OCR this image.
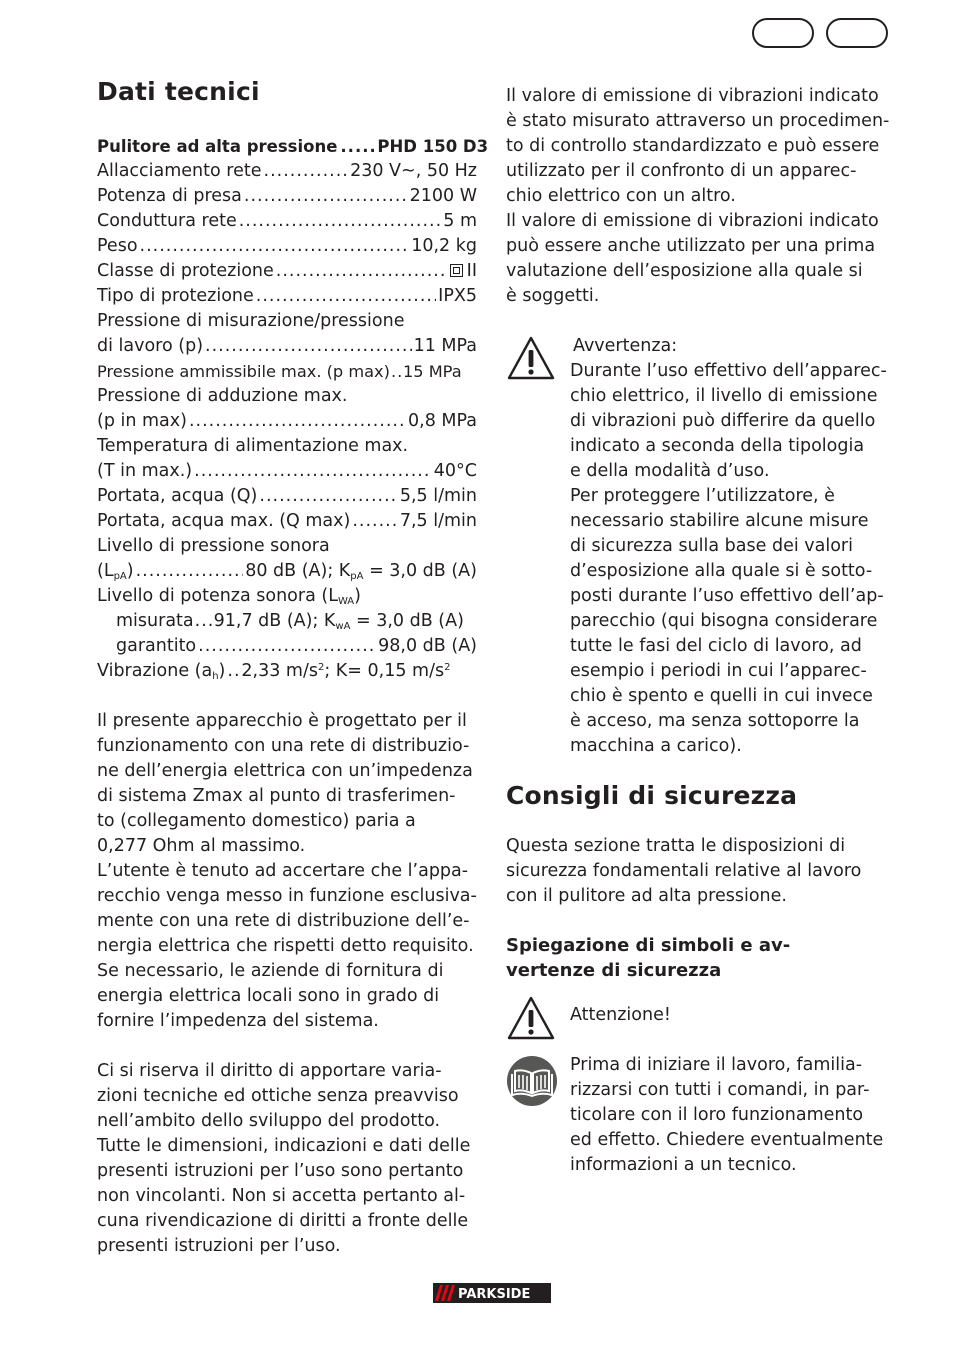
Dati tecnici
Pulitore ad alta pressione ..... PHD 150 D3
Allacciamento rete .....	230 V~, 50 Hz
Potenza di presa .....	2100 W
Conduttura rete .....	5 m
Peso .....	10,2 kg
Classe di protezione .....	II
Tipo di protezione .....	IPX5
Pressione di misurazione/pressione
di lavoro (p) .....	11 MPa
Pressione ammissibile max. (p max) ..... 15 MPa
Pressione di adduzione max.
(p in max) .....	0,8 MPa
Temperatura di alimentazione max.
(T in max.) .....	40°C
Portata, acqua (Q) .....	5,5 l/min
Portata, acqua max. (Q max) .....	7,5 l/min
Livello di pressione sonora
$(L_{pA})$ .....	80 dB (A); $K_{pA} = 3,0$ dB (A)
Livello di potenza sonora $(L_{WA})$
misurata ..... 91,7 dB (A); $K_{wA} = 3,0$ dB (A)
garantito .....	98,0 dB (A)
Vibrazione $(a_h)$ ..... 2,33 $m/s^2$; K= 0,15 $m/s^2$
Il presente apparecchio è progettato per il
funzionamento con una rete di distribuzio-
ne dell’energia elettrica con un’impedenza
di sistema Zmax al punto di trasferimen-
to (collegamento domestico) paria a
0,277 Ohm al massimo.
L’utente è tenuto ad accertare che l’appa-
recchio venga messo in funzione esclusiva-
mente con una rete di distribuzione dell’e-
nergia elettrica che rispetti detto requisito.
Se necessario, le aziende di fornitura di
energia elettrica locali sono in grado di
fornire l’impedenza del sistema.
Ci si riserva il diritto di apportare varia-
zioni tecniche ed ottiche senza preavviso
nell’ambito dello sviluppo del prodotto.
Tutte le dimensioni, indicazioni e dati delle
presenti istruzioni per l’uso sono pertanto
non vincolanti. Non si accetta pertanto al-
cuna rivendicazione di diritti a fronte delle
presenti istruzioni per l’uso.
Il valore di emissione di vibrazioni indicato
è stato misurato attraverso un procedimen-
to di controllo standardizzato e può essere
utilizzato per il confronto di un apparec-
chio elettrico con un altro.
Il valore di emissione di vibrazioni indicato
può essere anche utilizzato per una prima
valutazione dell’esposizione alla quale si
è soggetti.
Avvertenza:
Durante l’uso effettivo dell’apparec-
chio elettrico, il livello di emissione
di vibrazioni può differire da quello
indicato a seconda della tipologia
e della modalità d’uso.
Per proteggere l’utilizzatore, è
necessario stabilire alcune misure
di sicurezza sulla base dei valori
d’esposizione alla quale si è sotto-
posti durante l’uso effettivo dell’ap-
parecchio (qui bisogna considerare
tutte le fasi del ciclo di lavoro, ad
esempio i periodi in cui l’apparec-
chio è spento e quelli in cui invece
è acceso, ma senza sottoporre la
macchina a carico).
Consigli di sicurezza
Questa sezione tratta le disposizioni di
sicurezza fondamentali relative al lavoro
con il pulitore ad alta pressione.
Spiegazione di simboli e av-
vertenze di sicurezza
Attenzione!
Prima di iniziare il lavoro, familia-
rizzarsi con tutti i comandi, in par-
ticolare con il loro funzionamento
ed effetto. Chiedere eventualmente
informazioni a un tecnico.
PARKSIDE
